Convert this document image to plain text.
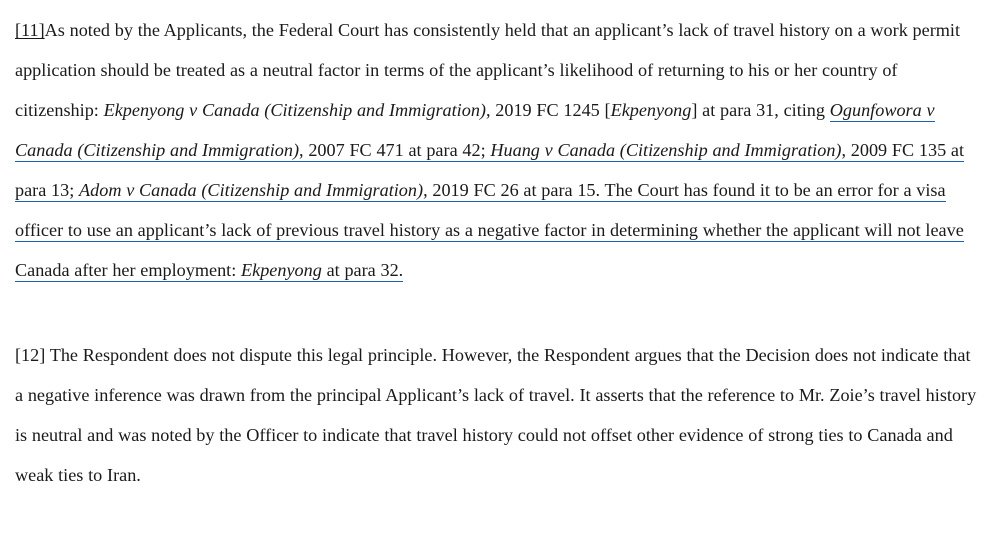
[11]As noted by the Applicants, the Federal Court has consistently held that an applicant’s lack of travel history on a work permit application should be treated as a neutral factor in terms of the applicant’s likelihood of returning to his or her country of citizenship: Ekpenyong v Canada (Citizenship and Immigration), 2019 FC 1245 [Ekpenyong] at para 31, citing Ogunfowora v Canada (Citizenship and Immigration), 2007 FC 471 at para 42; Huang v Canada (Citizenship and Immigration), 2009 FC 135 at para 13; Adom v Canada (Citizenship and Immigration), 2019 FC 26 at para 15. The Court has found it to be an error for a visa officer to use an applicant’s lack of previous travel history as a negative factor in determining whether the applicant will not leave Canada after her employment: Ekpenyong at para 32.

[12] The Respondent does not dispute this legal principle. However, the Respondent argues that the Decision does not indicate that a negative inference was drawn from the principal Applicant’s lack of travel. It asserts that the reference to Mr. Zoie’s travel history is neutral and was noted by the Officer to indicate that travel history could not offset other evidence of strong ties to Canada and weak ties to Iran.
